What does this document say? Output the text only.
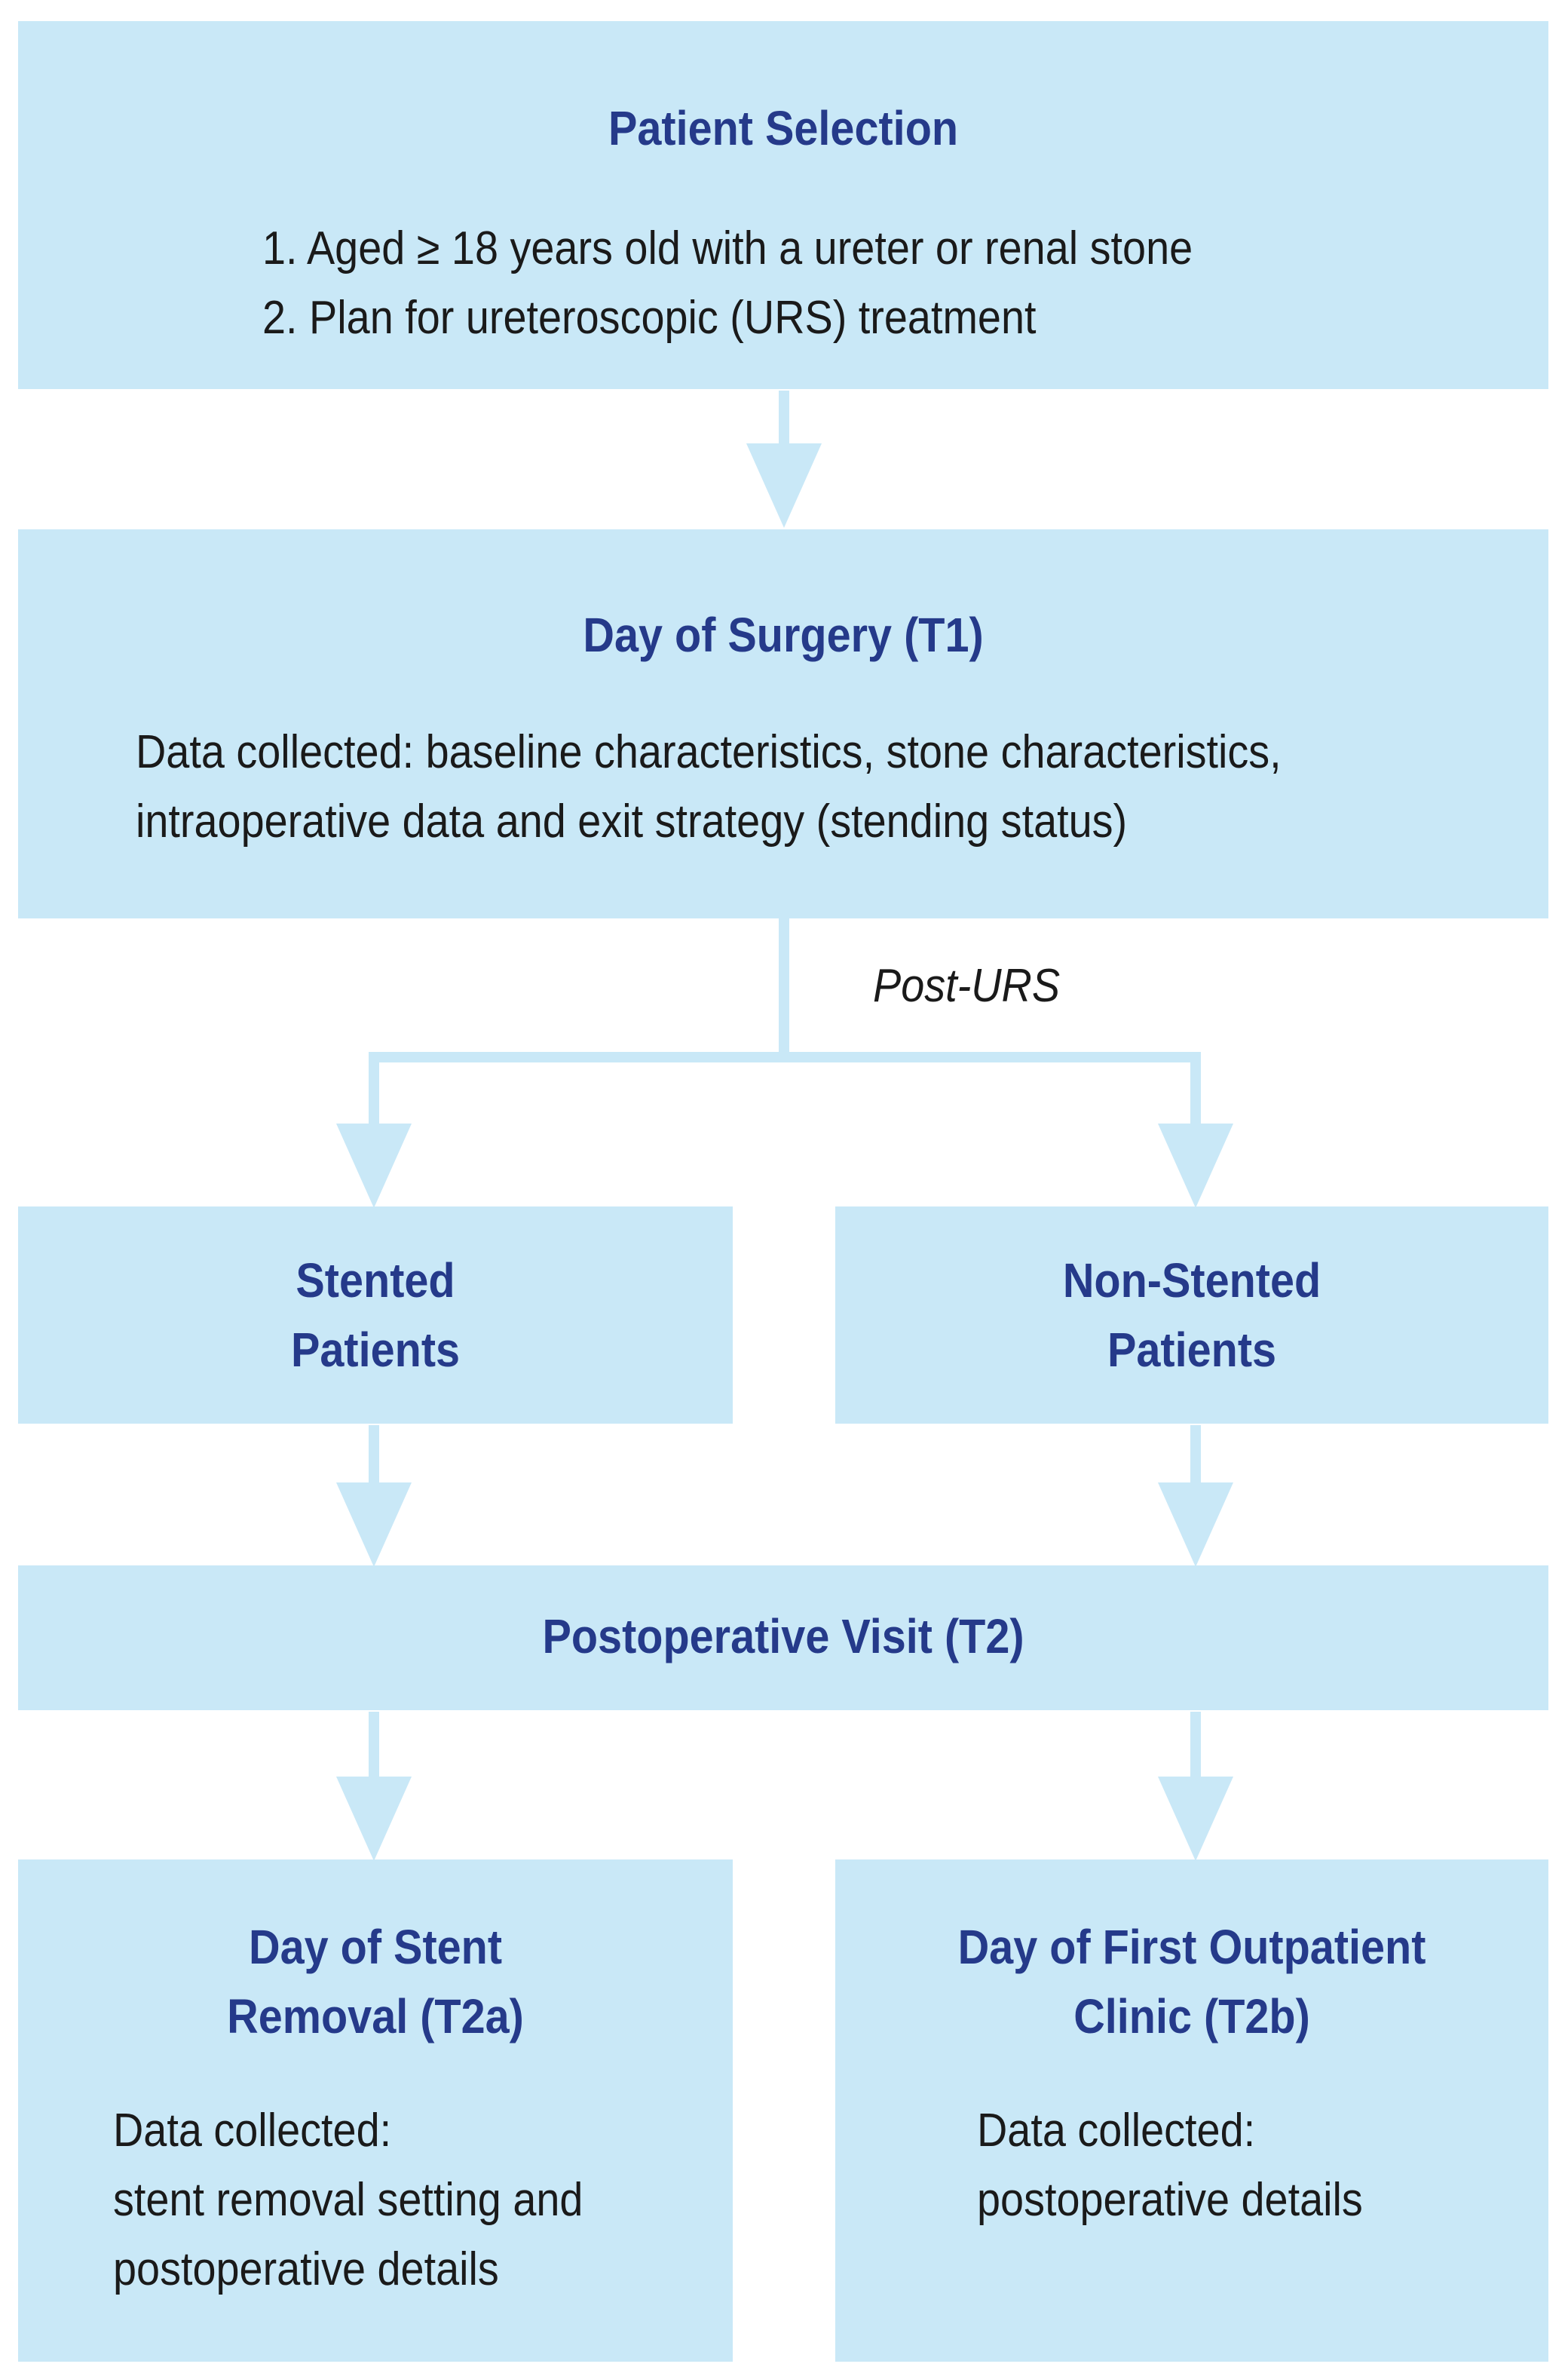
Patient Selection
1. Aged ≥ 18 years old with a ureter or renal stone
2. Plan for ureteroscopic (URS) treatment
Day of Surgery (T1)
Data collected: baseline characteristics, stone characteristics,
intraoperative data and exit strategy (stending status)
Post-URS
Stented
Patients
Non-Stented
Patients
Postoperative Visit (T2)
Day of Stent
Removal (T2a)
Data collected:
stent removal setting and
postoperative details
Day of First Outpatient
Clinic (T2b)
Data collected:
postoperative details
